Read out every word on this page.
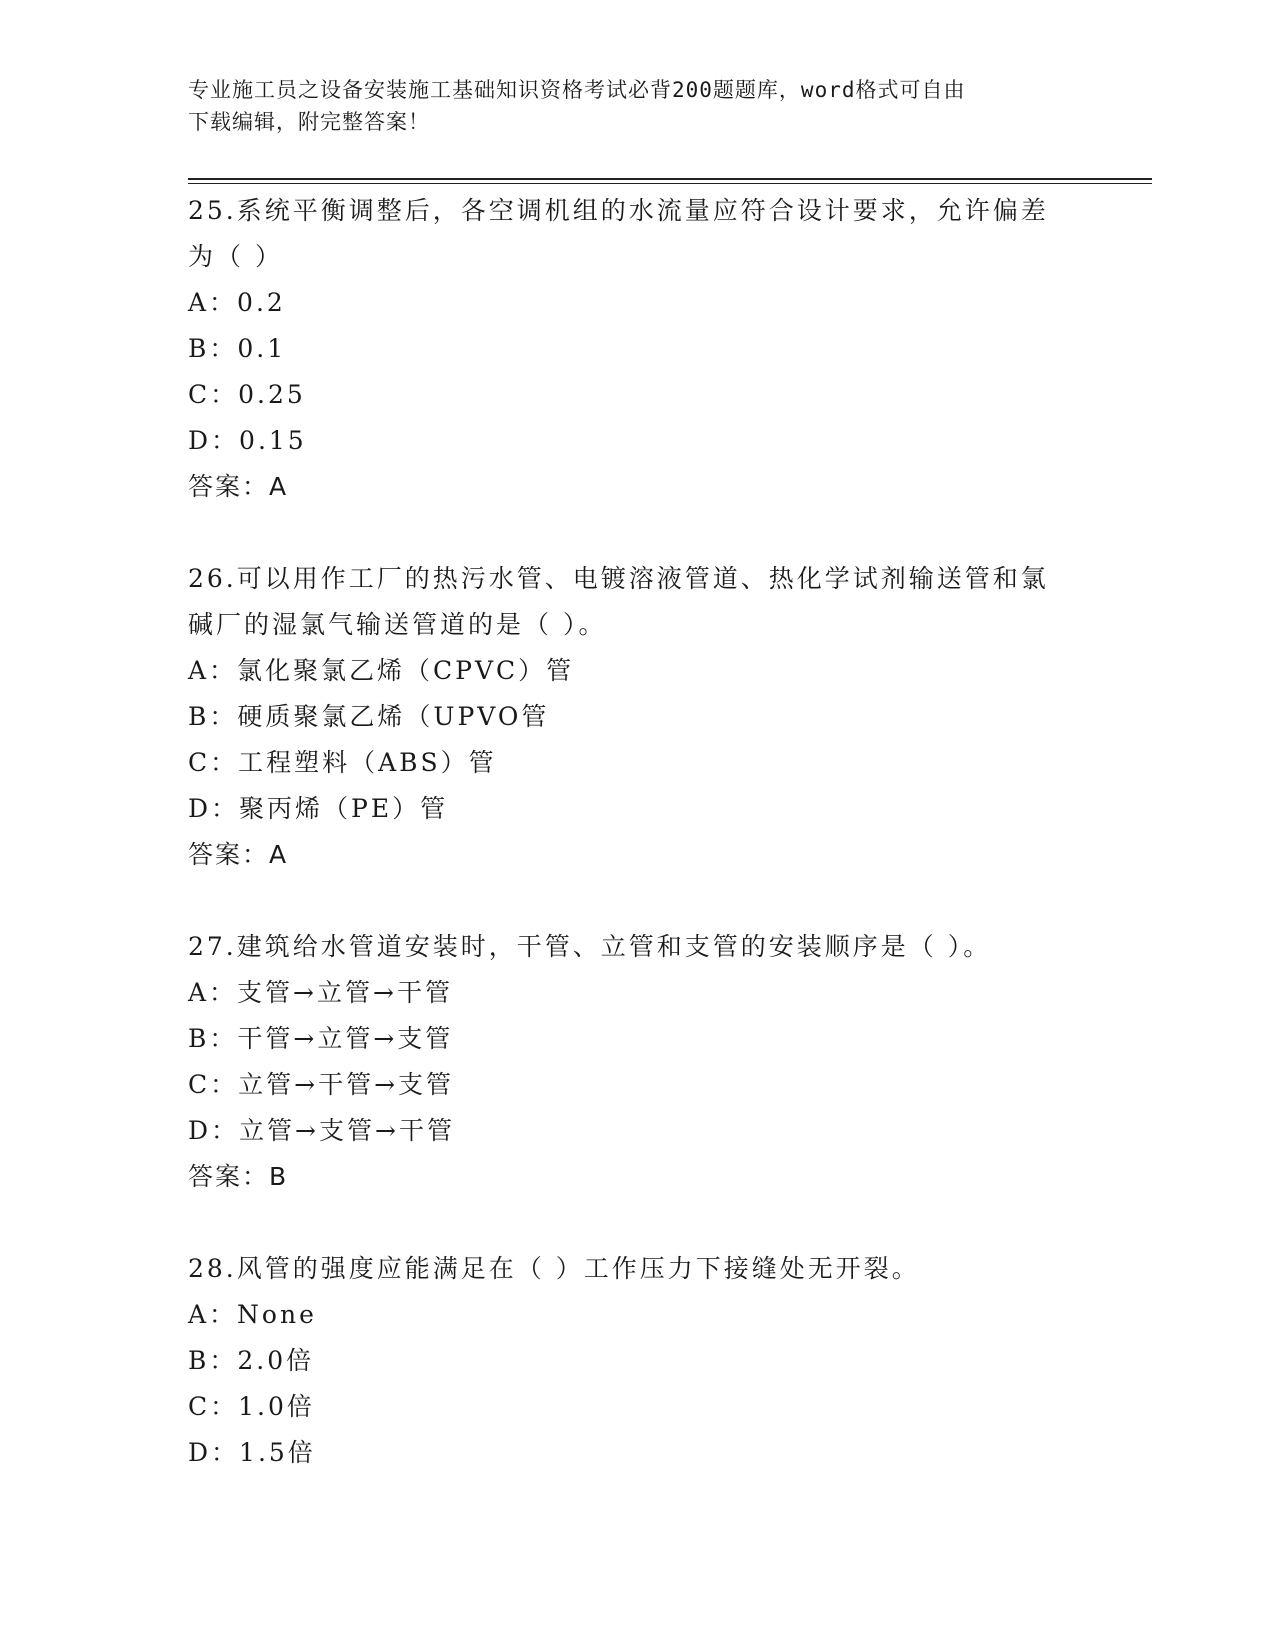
专业施工员之设备安装施工基础知识资格考试必背200题题库，word格式可自由
下载编辑，附完整答案！
25.系统平衡调整后，各空调机组的水流量应符合设计要求，允许偏差
为（ ）
A：0.2
B：0.1
C：0.25
D：0.15
答案：A
26.可以用作工厂的热污水管、电镀溶液管道、热化学试剂输送管和氯
碱厂的湿氯气输送管道的是（ ）。
A：氯化聚氯乙烯（CPVC）管
B：硬质聚氯乙烯（UPVO管
C：工程塑料（ABS）管
D：聚丙烯（PE）管
答案：A
27.建筑给水管道安装时，干管、立管和支管的安装顺序是（ ）。
A：支管→立管→干管
B：干管→立管→支管
C：立管→干管→支管
D：立管→支管→干管
答案：B
28.风管的强度应能满足在（ ）工作压力下接缝处无开裂。
A：None
B：2.0倍
C：1.0倍
D：1.5倍
